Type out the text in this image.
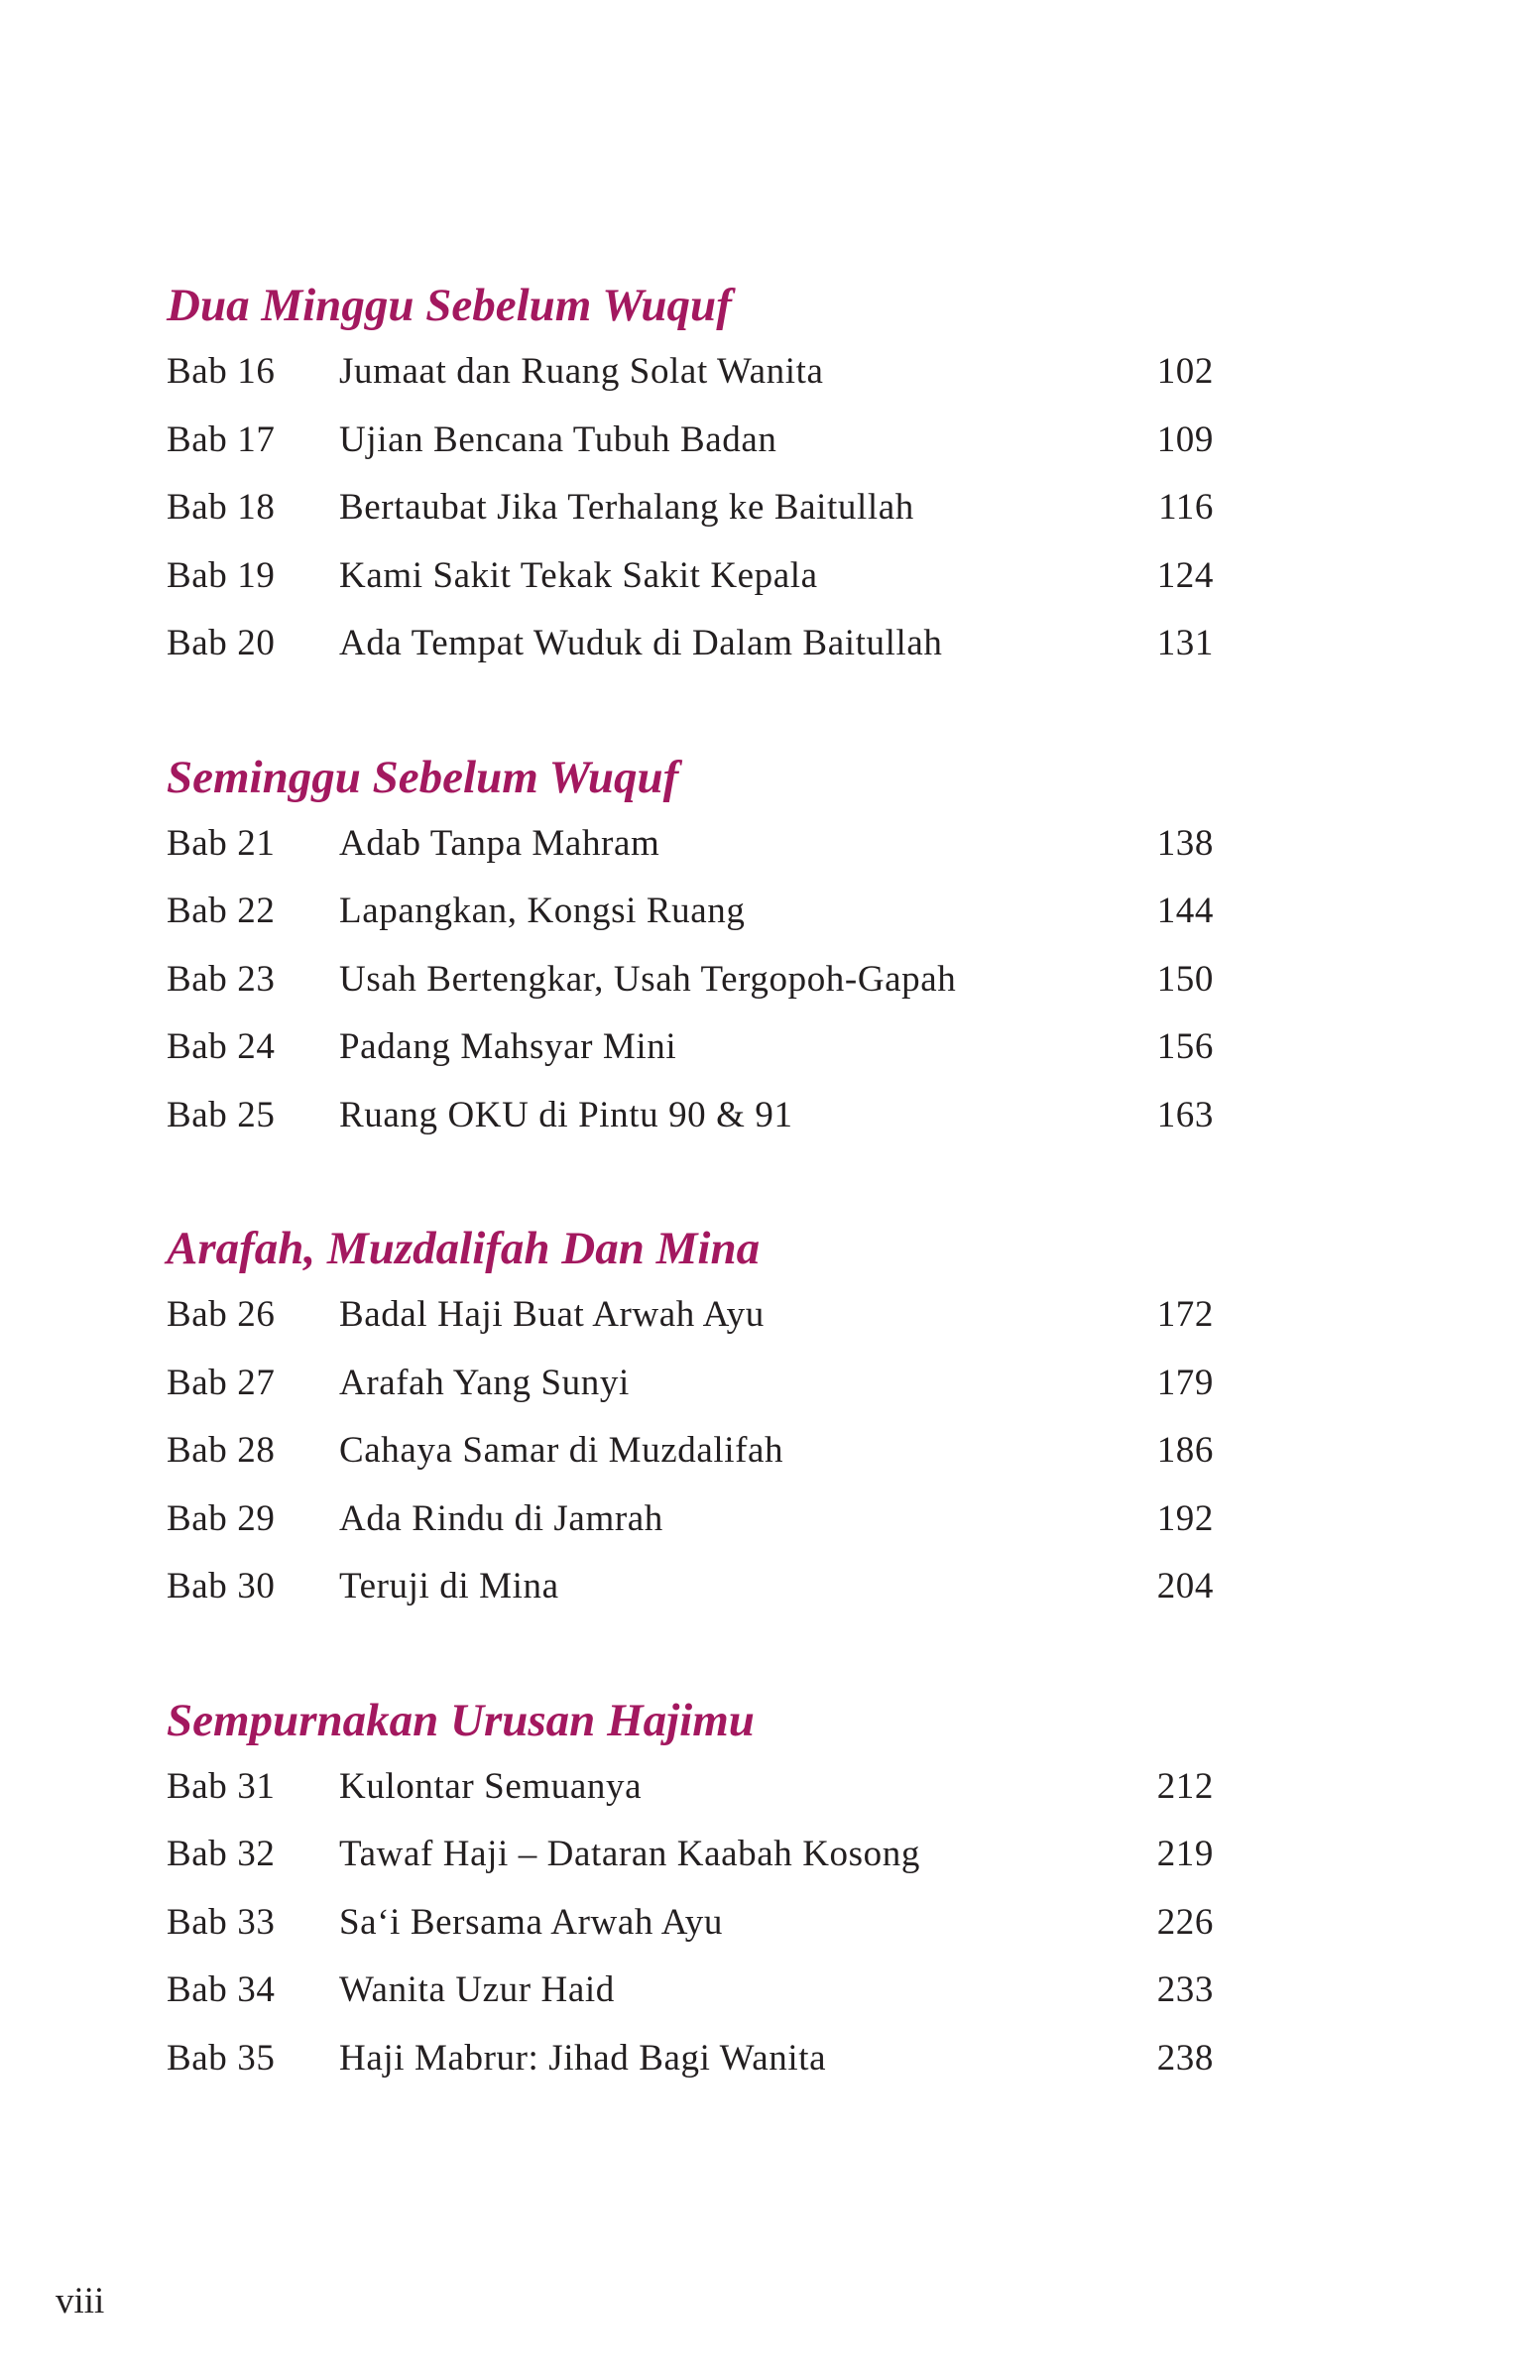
Dua Minggu Sebelum Wuquf
Bab 16 Jumaat dan Ruang Solat Wanita	102
Bab 17 Ujian Bencana Tubuh Badan	109
Bab 18 Bertaubat Jika Terhalang ke Baitullah	116
Bab 19 Kami Sakit Tekak Sakit Kepala	124
Bab 20 Ada Tempat Wuduk di Dalam Baitullah	131
Seminggu Sebelum Wuquf
Bab 21 Adab Tanpa Mahram	138
Bab 22 Lapangkan, Kongsi Ruang	144
Bab 23 Usah Bertengkar, Usah Tergopoh-Gapah	150
Bab 24 Padang Mahsyar Mini	156
Bab 25 Ruang OKU di Pintu 90 & 91	163
Arafah, Muzdalifah Dan Mina
Bab 26 Badal Haji Buat Arwah Ayu	172
Bab 27 Arafah Yang Sunyi	179
Bab 28 Cahaya Samar di Muzdalifah	186
Bab 29 Ada Rindu di Jamrah	192
Bab 30 Teruji di Mina	204
Sempurnakan Urusan Hajimu
Bab 31 Kulontar Semuanya	212
Bab 32 Tawaf Haji – Dataran Kaabah Kosong	219
Bab 33 Sa‘i Bersama Arwah Ayu	226
Bab 34 Wanita Uzur Haid	233
Bab 35 Haji Mabrur: Jihad Bagi Wanita	238
viii
